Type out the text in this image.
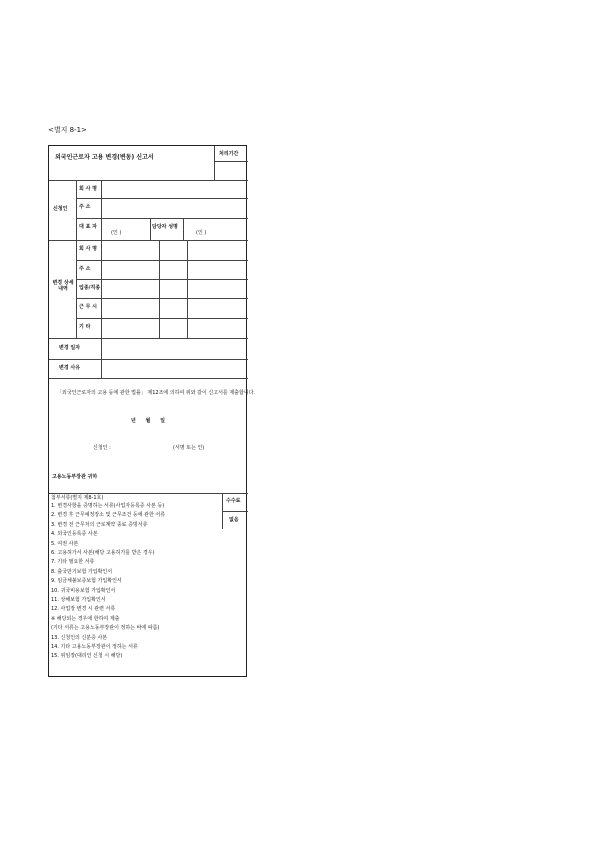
<별지 8-1>
외국인근로자 고용 변경(변동) 신고서	처리기간
신청인
회 사 명
주 소
대 표 자
(인 )
담당자 성명
(인 )
변경 상세내역
회 사 명
주 소
업종/직종
근 무 시
기 타
변경 일자
변경 사유
「외국인근로자의 고용 등에 관한 법률」 제12조에 의하여 위와 같이 신고서를 제출합니다.
년 월 일
신청인 :	(서명 또는 인)
고용노동부장관 귀하
첨부서류(별지 제8-1호)
1. 변경사항을 증명하는 서류(사업자등록증 사본 등)
2. 변경 후 근무예정장소 및 근무조건 등에 관한 서류
3. 변경 전 근무처의 근로계약 종료 증빙서류
4. 외국인등록증 사본
5. 여권 사본
6. 고용허가서 사본(해당 고용허가를 받은 경우)
7. 기타 필요한 서류
8. 출국만기보험 가입확인서
9. 임금체불보증보험 가입확인서
10. 귀국비용보험 가입확인서
11. 상해보험 가입확인서
12. 사업장 변경 시 관련 서류
※ 해당되는 경우에 한하여 제출
(기타 서류는 고용노동부장관이 정하는 바에 따름)
13. 신청인의 신분증 사본
14. 기타 고용노동부장관이 정하는 서류
15. 위임장(대리인 신청 시 해당)
수수료
없음
